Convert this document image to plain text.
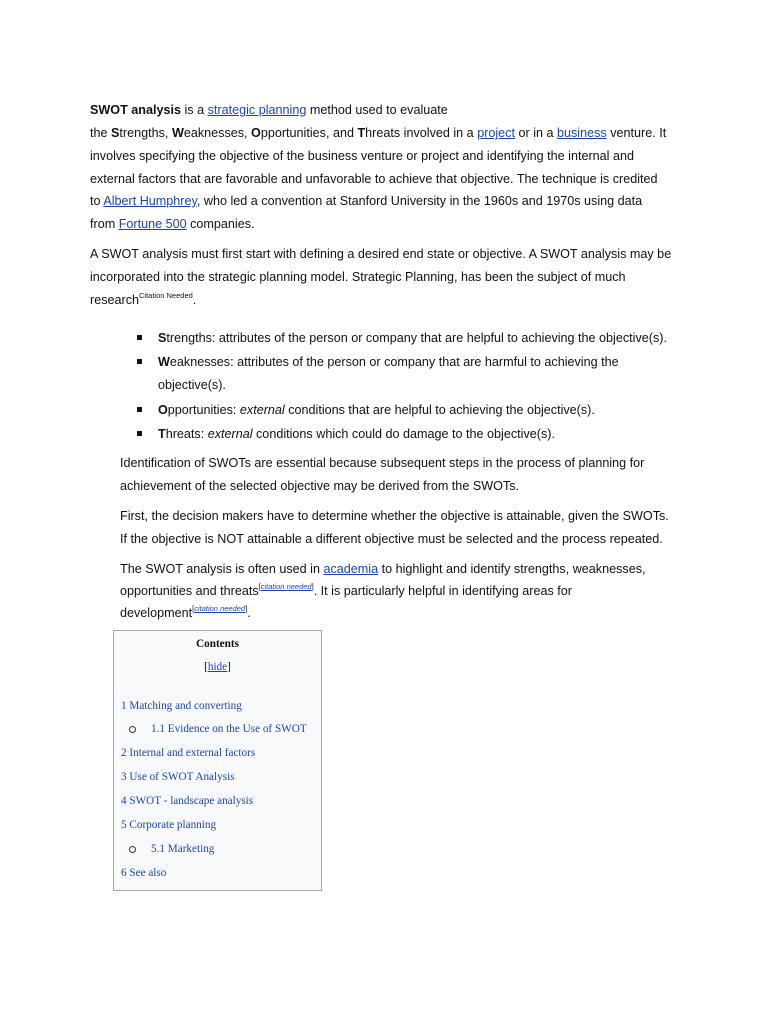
SWOT analysis is a strategic planning method used to evaluate
the Strengths, Weaknesses, Opportunities, and Threats involved in a project or in a business venture. It
involves specifying the objective of the business venture or project and identifying the internal and
external factors that are favorable and unfavorable to achieve that objective. The technique is credited
to Albert Humphrey, who led a convention at Stanford University in the 1960s and 1970s using data
from Fortune 500 companies.
A SWOT analysis must first start with defining a desired end state or objective. A SWOT analysis may be
incorporated into the strategic planning model. Strategic Planning, has been the subject of much
research$^{Citation Needed}$.
Strengths: attributes of the person or company that are helpful to achieving the objective(s).
Weaknesses: attributes of the person or company that are harmful to achieving the
objective(s).
Opportunities: external conditions that are helpful to achieving the objective(s).
Threats: external conditions which could do damage to the objective(s).
Identification of SWOTs are essential because subsequent steps in the process of planning for
achievement of the selected objective may be derived from the SWOTs.
First, the decision makers have to determine whether the objective is attainable, given the SWOTs.
If the objective is NOT attainable a different objective must be selected and the process repeated.
The SWOT analysis is often used in academia to highlight and identify strengths, weaknesses,
opportunities and threats[citation needed]. It is particularly helpful in identifying areas for
development[citation needed].
Contents
[hide]
1 Matching and converting
1.1 Evidence on the Use of SWOT
2 Internal and external factors
3 Use of SWOT Analysis
4 SWOT - landscape analysis
5 Corporate planning
5.1 Marketing
6 See also
